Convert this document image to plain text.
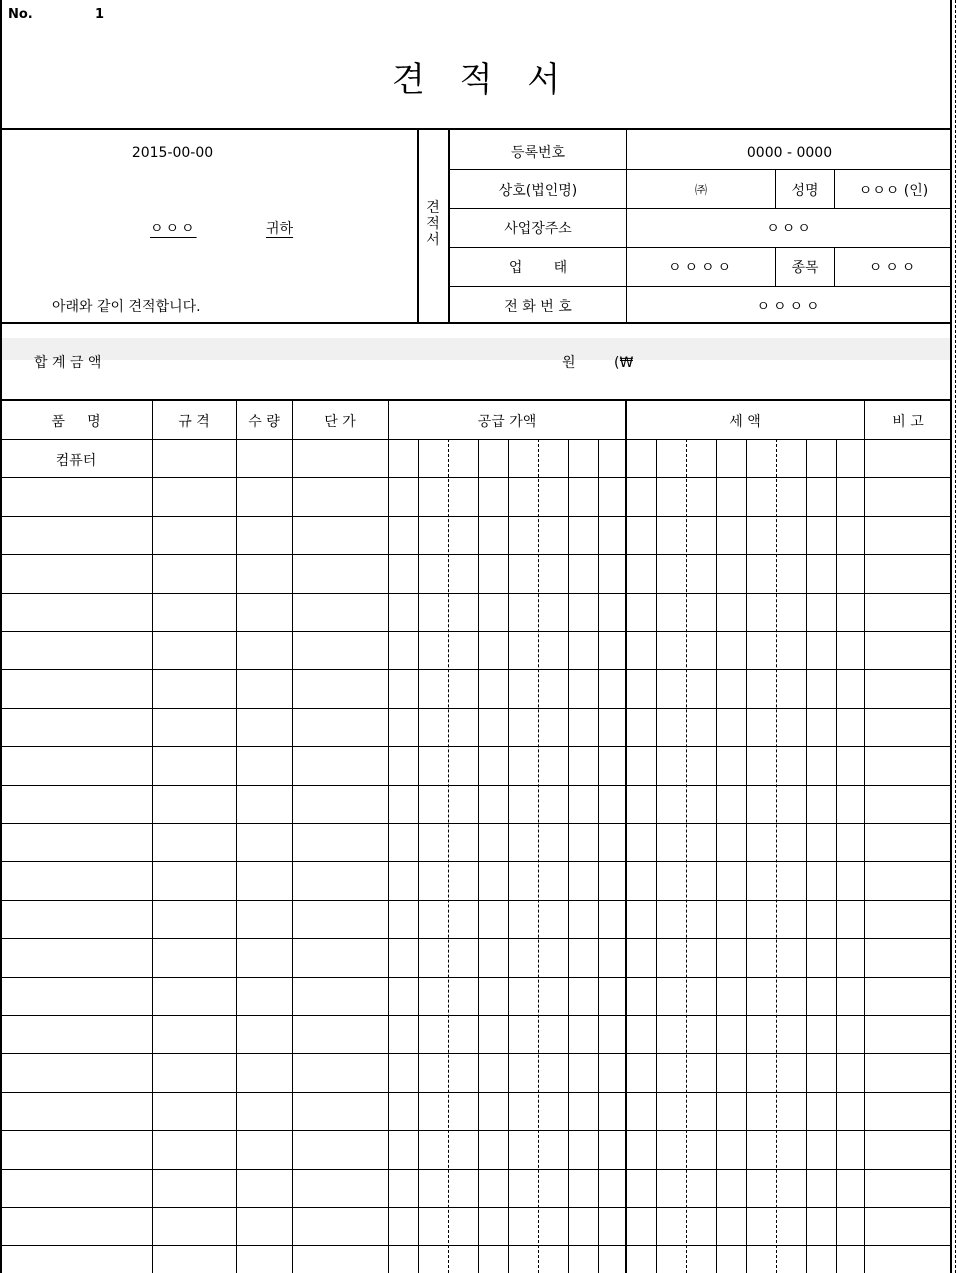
No.	1
견 적 서
2015-00-00
ㅇㅇㅇ	귀하
아래와 같이 견적합니다.
견적서
등록번호	0000 - 0000
상호(법인명)	㈜	성명	ㅇㅇㅇ (인)
사업장주소	ㅇㅇㅇ
업       태	ㅇㅇㅇㅇ	종목	ㅇㅇㅇ
전 화 번 호	ㅇㅇㅇㅇ
합 계 금 액	원	(₩
품     명	규 격	수 량	단 가	공급 가액	세 액	비 고
컴퓨터
